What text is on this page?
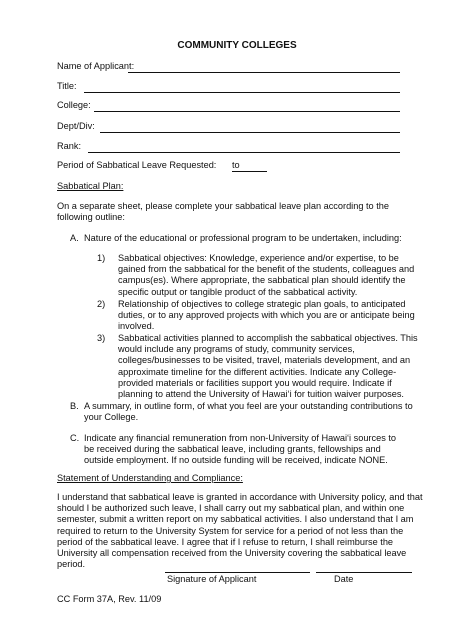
COMMUNITY COLLEGES
Name of Applicant:
Title:
College:
Dept/Div:
Rank:
Period of Sabbatical Leave Requested: to
Sabbatical Plan:
On a separate sheet, please complete your sabbatical leave plan according to the following outline:
A. Nature of the educational or professional program to be undertaken, including:
1) Sabbatical objectives: Knowledge, experience and/or expertise, to be gained from the sabbatical for the benefit of the students, colleagues and campus(es). Where appropriate, the sabbatical plan should identify the specific output or tangible product of the sabbatical activity.
2) Relationship of objectives to college strategic plan goals, to anticipated duties, or to any approved projects with which you are or anticipate being involved.
3) Sabbatical activities planned to accomplish the sabbatical objectives. This would include any programs of study, community services, colleges/businesses to be visited, travel, materials development, and an approximate timeline for the different activities. Indicate any College-provided materials or facilities support you would require. Indicate if planning to attend the University of Hawai‘i for tuition waiver purposes.
B. A summary, in outline form, of what you feel are your outstanding contributions to your College.
C. Indicate any financial remuneration from non-University of Hawai‘i sources to be received during the sabbatical leave, including grants, fellowships and outside employment. If no outside funding will be received, indicate NONE.
Statement of Understanding and Compliance:
I understand that sabbatical leave is granted in accordance with University policy, and that should I be authorized such leave, I shall carry out my sabbatical plan, and within one semester, submit a written report on my sabbatical activities. I also understand that I am required to return to the University System for service for a period of not less than the period of the sabbatical leave. I agree that if I refuse to return, I shall reimburse the University all compensation received from the University covering the sabbatical leave period.
Signature of Applicant	Date
CC Form 37A, Rev. 11/09
